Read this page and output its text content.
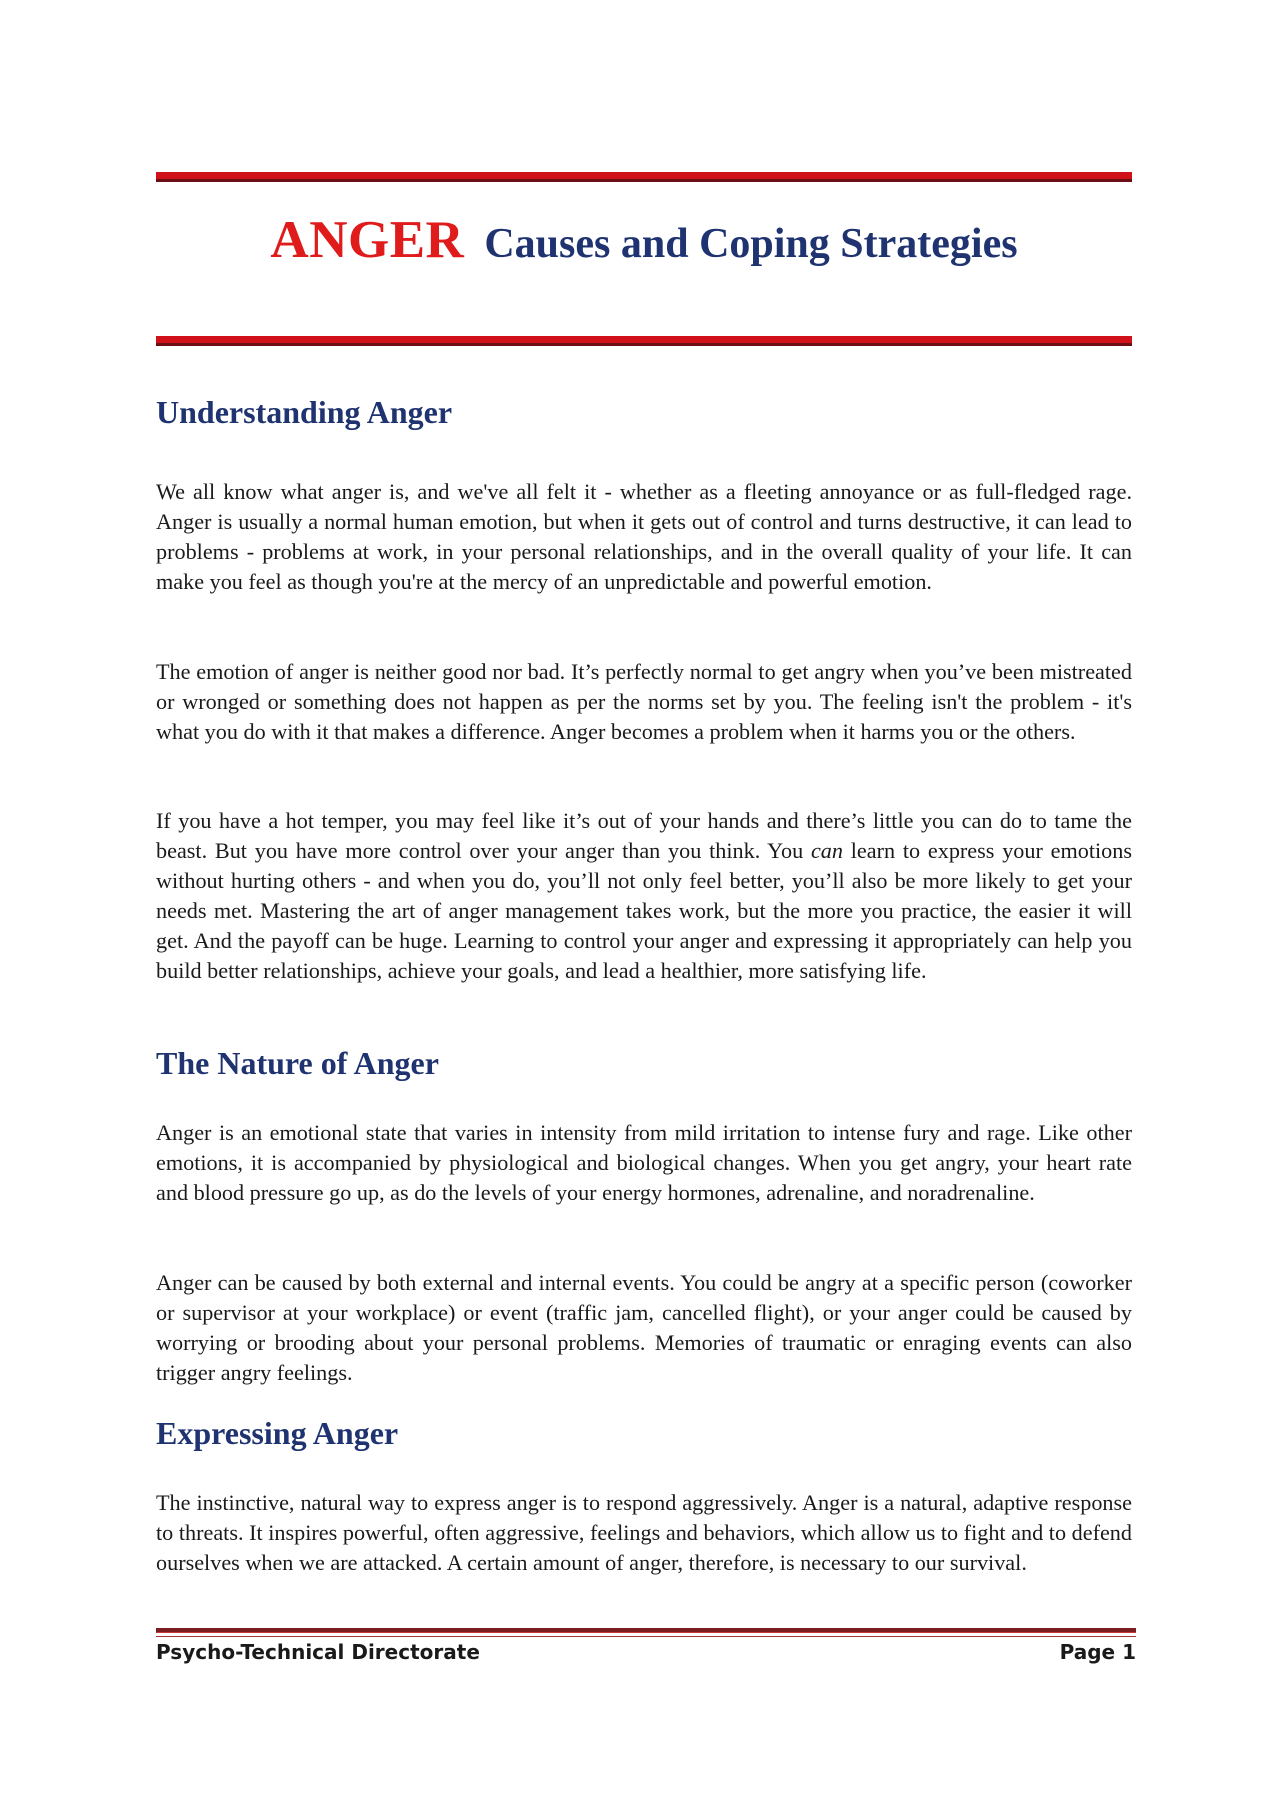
ANGER Causes and Coping Strategies
Understanding Anger

We all know what anger is, and we've all felt it - whether as a fleeting annoyance or as full-fledged rage. Anger is usually a normal human emotion, but when it gets out of control and turns destructive, it can lead to problems - problems at work, in your personal relationships, and in the overall quality of your life. It can make you feel as though you're at the mercy of an unpredictable and powerful emotion.

The emotion of anger is neither good nor bad. It’s perfectly normal to get angry when you’ve been mistreated or wronged or something does not happen as per the norms set by you. The feeling isn't the problem - it's what you do with it that makes a difference. Anger becomes a problem when it harms you or the others.

If you have a hot temper, you may feel like it’s out of your hands and there’s little you can do to tame the beast. But you have more control over your anger than you think. You can learn to express your emotions without hurting others - and when you do, you’ll not only feel better, you’ll also be more likely to get your needs met. Mastering the art of anger management takes work, but the more you practice, the easier it will get. And the payoff can be huge. Learning to control your anger and expressing it appropriately can help you build better relationships, achieve your goals, and lead a healthier, more satisfying life.

The Nature of Anger

Anger is an emotional state that varies in intensity from mild irritation to intense fury and rage. Like other emotions, it is accompanied by physiological and biological changes. When you get angry, your heart rate and blood pressure go up, as do the levels of your energy hormones, adrenaline, and noradrenaline.

Anger can be caused by both external and internal events. You could be angry at a specific person (coworker or supervisor at your workplace) or event (traffic jam, cancelled flight), or your anger could be caused by worrying or brooding about your personal problems. Memories of traumatic or enraging events can also trigger angry feelings.

Expressing Anger

The instinctive, natural way to express anger is to respond aggressively. Anger is a natural, adaptive response to threats. It inspires powerful, often aggressive, feelings and behaviors, which allow us to fight and to defend ourselves when we are attacked. A certain amount of anger, therefore, is necessary to our survival.

Psycho-Technical Directorate	Page 1
